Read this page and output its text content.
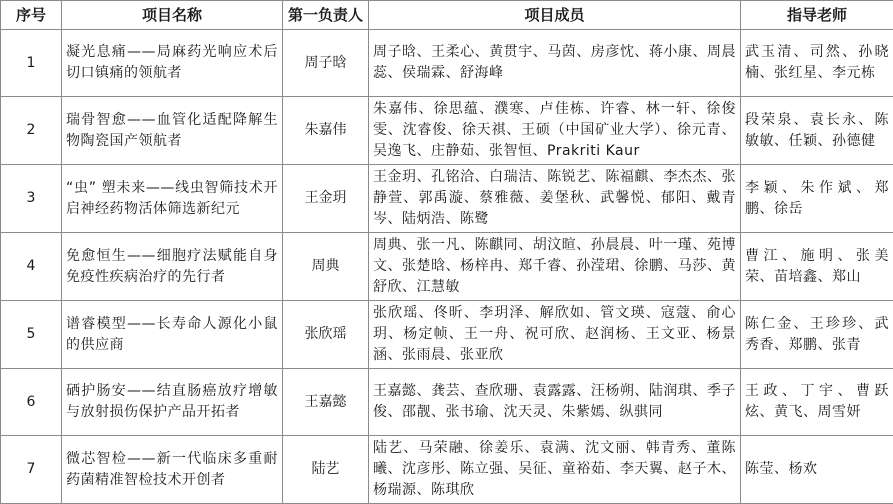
序号	项目名称	第一负责人	项目成员	指导老师
1	凝光息痛——局麻药光响应术后切口镇痛的领航者	周子晗	周子晗、王柔心、黄贯宇、马茵、房彦忱、蒋小康、周晨蕊、侯瑞霖、舒海峰	武玉清、司然、孙晓楠、张红星、李元栋
2	瑞骨智愈——血管化适配降解生物陶瓷国产领航者	朱嘉伟	朱嘉伟、徐思蕴、濮寒、卢佳栋、许睿、林一轩、徐俊雯、沈睿俊、徐天祺、王硕（中国矿业大学）、徐元青、吴逸飞、庄静茹、张智恒、Prakriti Kaur	段荣泉、袁长永、陈敏敏、任颖、孙德健
3	“虫” 塑未来——线虫智筛技术开启神经药物活体筛选新纪元	王金玥	王金玥、孔铭洽、白瑞洁、陈锐艺、陈福麒、李杰杰、张静萱、郭禹漩、蔡雅薇、姜堡秋、武馨悦、郁阳、戴青岑、陆炳浩、陈鹭	李颖、朱作斌、郑鹏、徐岳
4	免愈恒生——细胞疗法赋能自身免疫性疾病治疗的先行者	周典	周典、张一凡、陈麒同、胡汶暄、孙晨晨、叶一瑾、苑博文、张楚晗、杨梓冉、郑千睿、孙滢珺、徐鹏、马莎、黄舒欣、江慧敏	曹江、施明、张美荣、苗培鑫、郑山
5	谱睿模型——长寿命人源化小鼠的供应商	张欣瑶	张欣瑶、佟昕、李玥泽、解欣如、管文瑛、寇蔻、俞心玥、杨定帧、王一舟、祝可欣、赵润杨、王文亚、杨景涵、张雨晨、张亚欣	陈仁金、王珍珍、武秀香、郑鹏、张青
6	硒护肠安——结直肠癌放疗增敏与放射损伤保护产品开拓者	王嘉懿	王嘉懿、龚芸、查欣珊、袁露露、汪杨朔、陆润琪、季子俊、邵靓、张书瑜、沈天灵、朱紫嫣、纵骐同	王政、丁宇、曹跃炫、黄飞、周雪妍
7	微芯智检——新一代临床多重耐药菌精准智检技术开创者	陆艺	陆艺、马荣融、徐姜乐、袁满、沈文丽、韩青秀、董陈曦、沈彦彤、陈立强、吴征、童裕茹、李天翼、赵子木、杨瑞源、陈琪欣	陈莹、杨欢
